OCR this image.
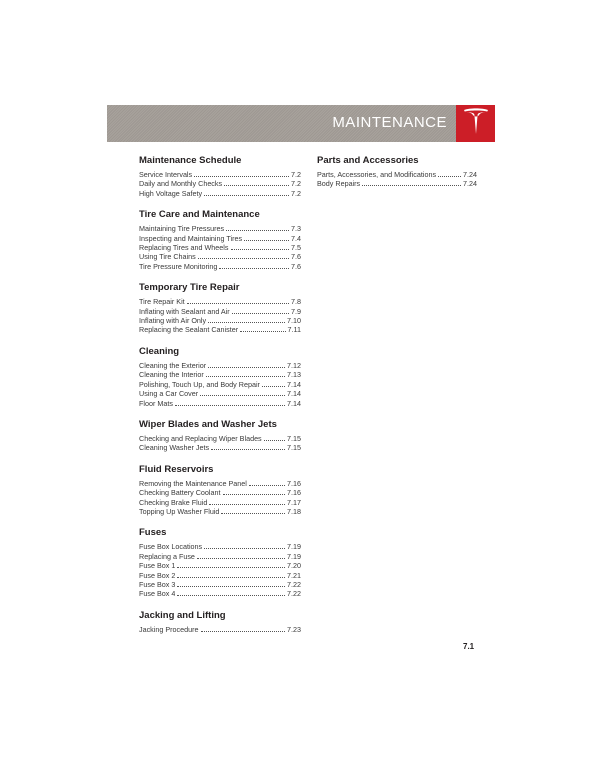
MAINTENANCE
Maintenance Schedule
Service Intervals	7.2
Daily and Monthly Checks	7.2
High Voltage Safety	7.2
Tire Care and Maintenance
Maintaining Tire Pressures	7.3
Inspecting and Maintaining Tires	7.4
Replacing Tires and Wheels	7.5
Using Tire Chains	7.6
Tire Pressure Monitoring	7.6
Temporary Tire Repair
Tire Repair Kit	7.8
Inflating with Sealant and Air	7.9
Inflating with Air Only	7.10
Replacing the Sealant Canister	7.11
Cleaning
Cleaning the Exterior	7.12
Cleaning the Interior	7.13
Polishing, Touch Up, and Body Repair	7.14
Using a Car Cover	7.14
Floor Mats	7.14
Wiper Blades and Washer Jets
Checking and Replacing Wiper Blades	7.15
Cleaning Washer Jets	7.15
Fluid Reservoirs
Removing the Maintenance Panel	7.16
Checking Battery Coolant	7.16
Checking Brake Fluid	7.17
Topping Up Washer Fluid	7.18
Fuses
Fuse Box Locations	7.19
Replacing a Fuse	7.19
Fuse Box 1	7.20
Fuse Box 2	7.21
Fuse Box 3	7.22
Fuse Box 4	7.22
Jacking and Lifting
Jacking Procedure	7.23
Parts and Accessories
Parts, Accessories, and Modifications	7.24
Body Repairs	7.24
7.1
